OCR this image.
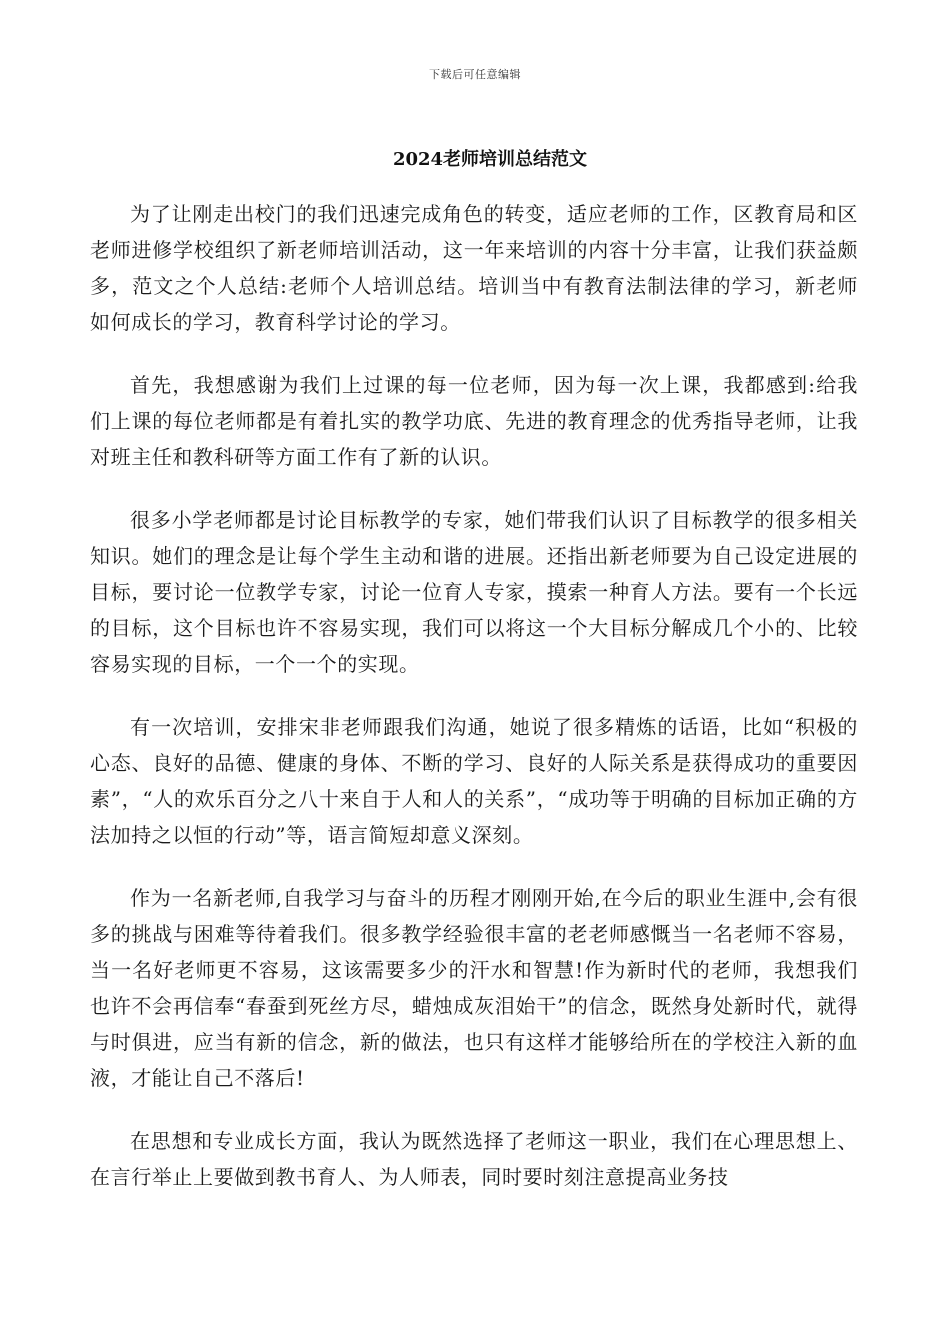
下载后可任意编辑
2024老师培训总结范文

为了让刚走出校门的我们迅速完成角色的转变，适应老师的工作，区教育局和区老师进修学校组织了新老师培训活动，这一年来培训的内容十分丰富，让我们获益颇多，范文之个人总结:老师个人培训总结。培训当中有教育法制法律的学习，新老师如何成长的学习，教育科学讨论的学习。

首先，我想感谢为我们上过课的每一位老师，因为每一次上课，我都感到:给我们上课的每位老师都是有着扎实的教学功底、先进的教育理念的优秀指导老师，让我对班主任和教科研等方面工作有了新的认识。

很多小学老师都是讨论目标教学的专家，她们带我们认识了目标教学的很多相关知识。她们的理念是让每个学生主动和谐的进展。还指出新老师要为自己设定进展的目标，要讨论一位教学专家，讨论一位育人专家，摸索一种育人方法。要有一个长远的目标，这个目标也许不容易实现，我们可以将这一个大目标分解成几个小的、比较容易实现的目标，一个一个的实现。

有一次培训，安排宋非老师跟我们沟通，她说了很多精炼的话语，比如“积极的心态、良好的品德、健康的身体、不断的学习、良好的人际关系是获得成功的重要因素”，“人的欢乐百分之八十来自于人和人的关系”，“成功等于明确的目标加正确的方法加持之以恒的行动”等，语言简短却意义深刻。

作为一名新老师,自我学习与奋斗的历程才刚刚开始,在今后的职业生涯中,会有很多的挑战与困难等待着我们。很多教学经验很丰富的老老师感慨当一名老师不容易，当一名好老师更不容易，这该需要多少的汗水和智慧!作为新时代的老师，我想我们也许不会再信奉“春蚕到死丝方尽，蜡烛成灰泪始干”的信念，既然身处新时代，就得与时俱进，应当有新的信念，新的做法，也只有这样才能够给所在的学校注入新的血液，才能让自己不落后!

在思想和专业成长方面，我认为既然选择了老师这一职业，我们在心理思想上、在言行举止上要做到教书育人、为人师表，同时要时刻注意提高业务技
